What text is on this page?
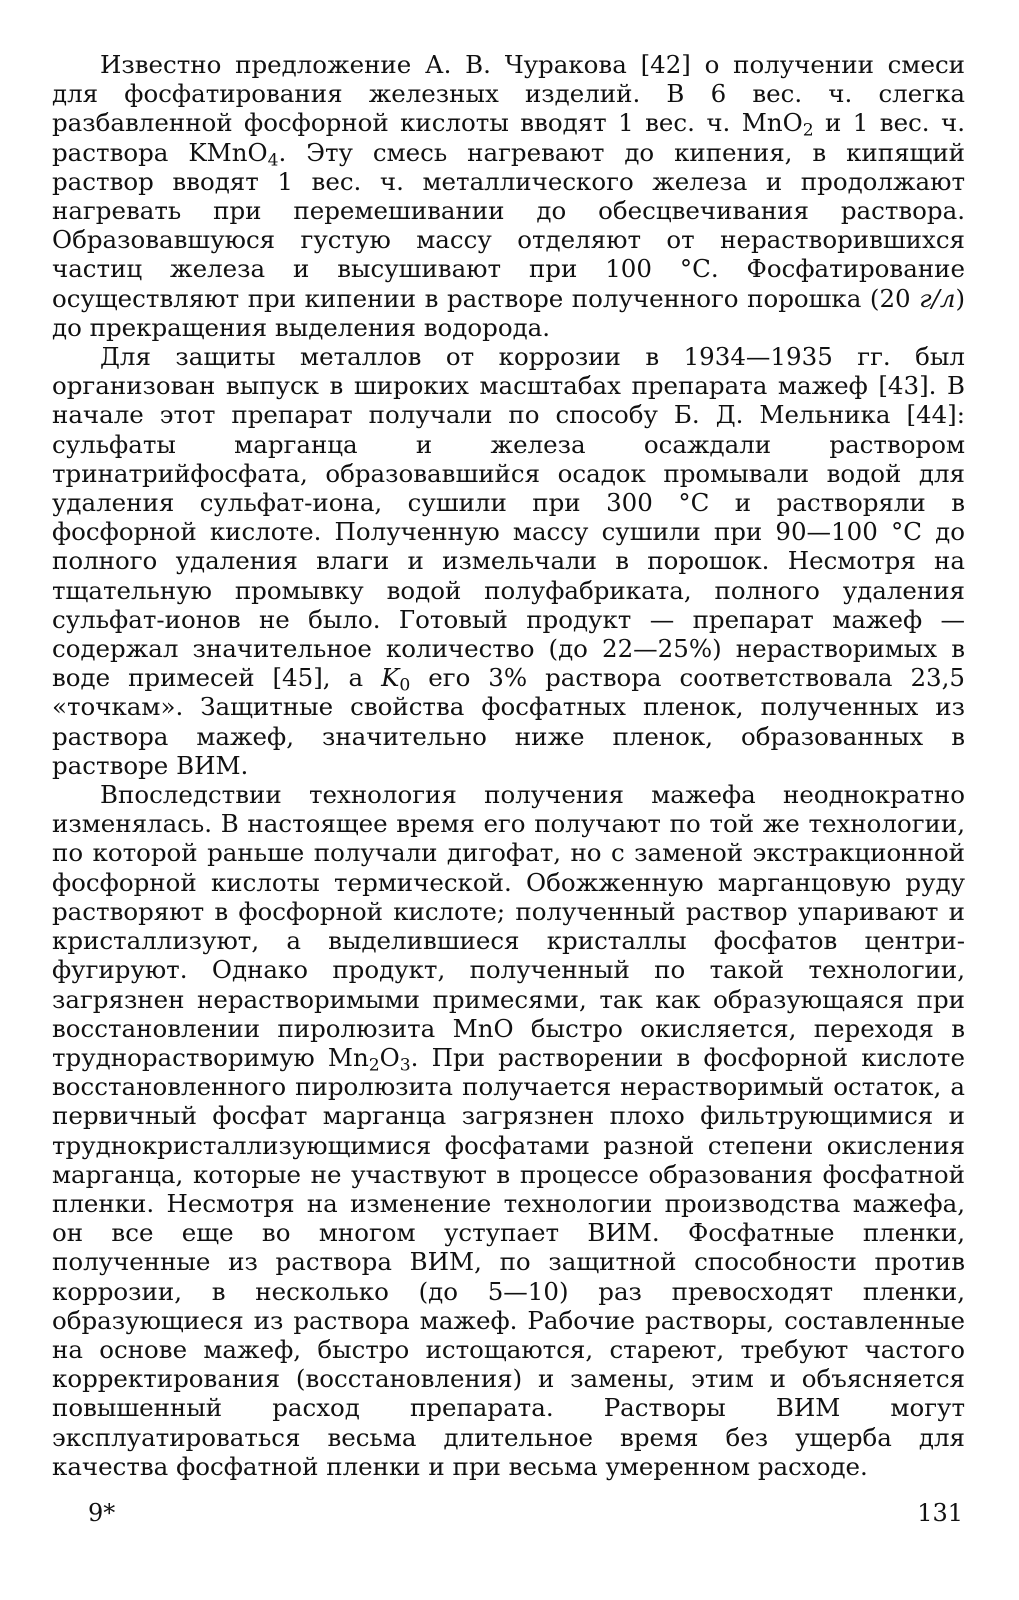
Известно предложение А. В. Чуракова [42] о получении смеси для фосфатирования железных изделий. В 6 вес. ч. слегка разбавленной фосфорной кислоты вводят 1 вес. ч. MnO$_2$ и 1 вес. ч. раствора KMnO$_4$. Эту смесь нагревают до кипения, в кипящий раствор вводят 1 вес. ч. металлического железа и продолжают нагревать при перемешивании до обесцвечивания раствора. Образовавшуюся густую массу отделяют от нерастворившихся частиц железа и высушивают при 100 °С. Фосфатирование осуществляют при кипении в растворе полученного порошка (20 г/л) до прекращения выделения водорода.

Для защиты металлов от коррозии в 1934—1935 гг. был организован выпуск в широких масштабах препарата мажеф [43]. В начале этот препарат получали по способу Б. Д. Мельника [44]: сульфаты марганца и железа осаждали раствором тринатрийфосфата, образовавшийся осадок промывали водой для удаления сульфат-иона, сушили при 300 °С и растворяли в фосфорной кислоте. Полученную массу сушили при 90—100 °С до полного удаления влаги и измельчали в порошок. Несмотря на тщательную промывку водой полуфабриката, полного удаления сульфат-ионов не было. Готовый продукт — препарат мажеф — содержал значительное количество (до 22—25%) нерастворимых в воде примесей [45], а $K_0$ его 3% раствора соответствовала 23,5 «точкам». Защитные свойства фосфатных пленок, полученных из раствора мажеф, значительно ниже пленок, образованных в растворе ВИМ.

Впоследствии технология получения мажефа неоднократно изменялась. В настоящее время его получают по той же технологии, по которой раньше получали дигофат, но с заменой экстракционной фосфорной кислоты термической. Обожженную марганцовую руду растворяют в фосфорной кислоте; полученный раствор упаривают и кристаллизуют, а выделившиеся кристаллы фосфатов центрифугируют. Однако продукт, полученный по такой технологии, загрязнен нерастворимыми примесями, так как образующаяся при восстановлении пиролюзита MnO быстро окисляется, переходя в труднорастворимую $Mn_2O_3$. При растворении в фосфорной кислоте восстановленного пиролюзита получается нерастворимый остаток, а первичный фосфат марганца загрязнен плохо фильтрующимися и труднокристаллизующимися фосфатами разной степени окисления марганца, которые не участвуют в процессе образования фосфатной пленки. Несмотря на изменение технологии производства мажефа, он все еще во многом уступает ВИМ. Фосфатные пленки, полученные из раствора ВИМ, по защитной способности против коррозии, в несколько (до 5—10) раз превосходят пленки, образующиеся из раствора мажеф. Рабочие растворы, составленные на основе мажеф, быстро истощаются, стареют, требуют частого корректирования (восстановления) и замены, этим и объясняется повышенный расход препарата. Растворы ВИМ могут эксплуатироваться весьма длительное время без ущерба для качества фосфатной пленки и при весьма умеренном расходе.

9*	131
